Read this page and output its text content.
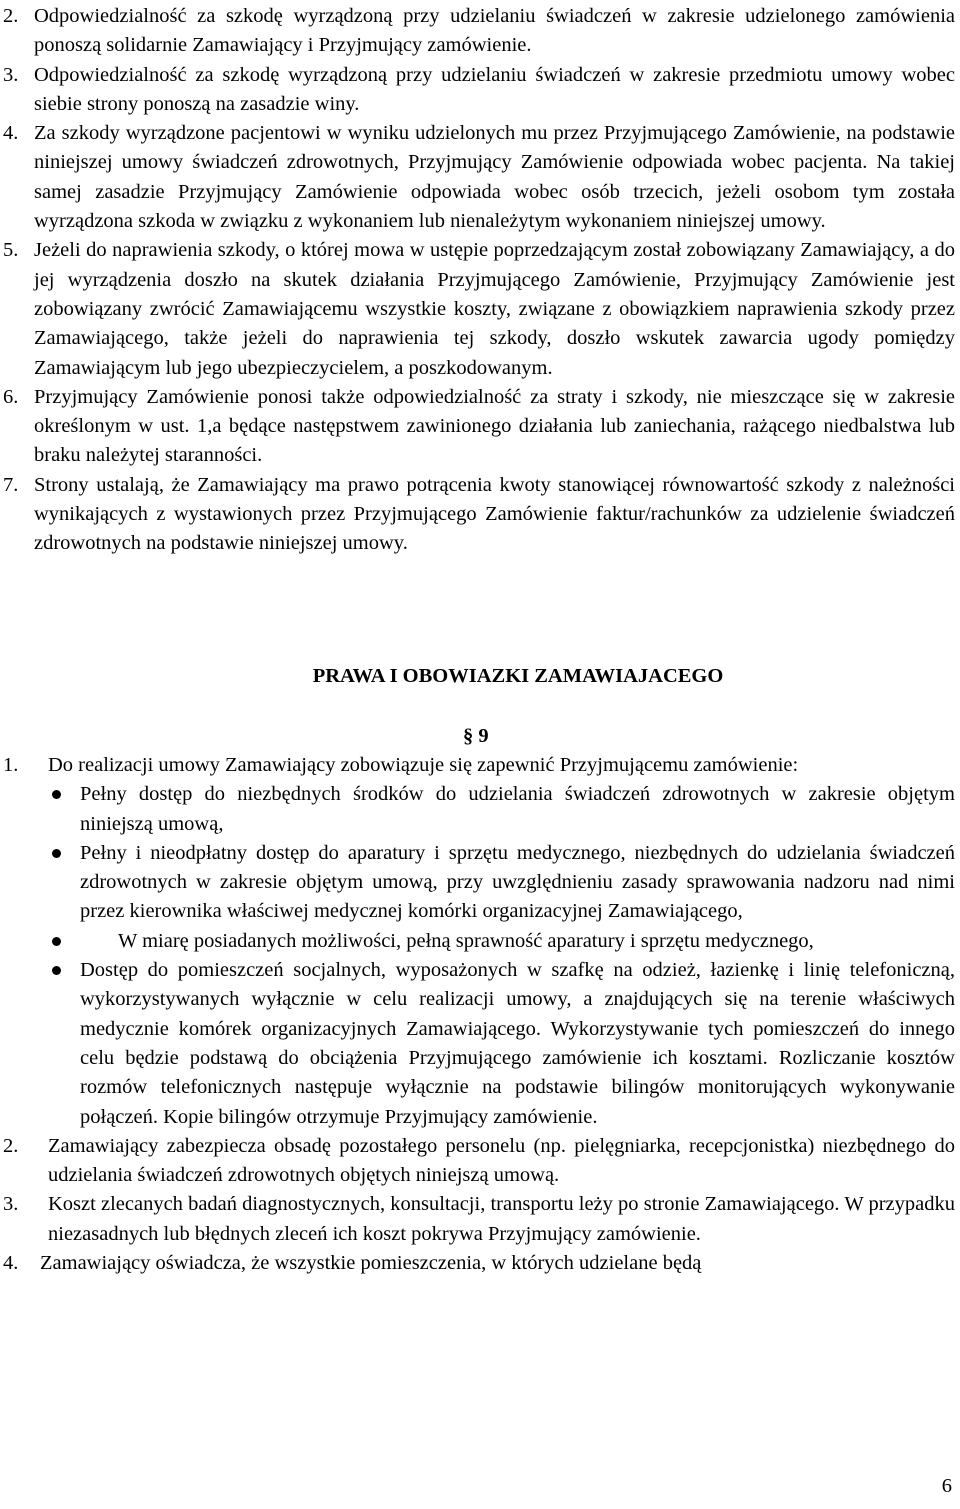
2. Odpowiedzialność za szkodę wyrządzoną przy udzielaniu świadczeń w zakresie udzielonego zamówienia ponoszą solidarnie Zamawiający i Przyjmujący zamówienie.
3. Odpowiedzialność za szkodę wyrządzoną przy udzielaniu świadczeń w zakresie przedmiotu umowy wobec siebie strony ponoszą na zasadzie winy.
4. Za szkody wyrządzone pacjentowi w wyniku udzielonych mu przez Przyjmującego Zamówienie, na podstawie niniejszej umowy świadczeń zdrowotnych, Przyjmujący Zamówienie odpowiada wobec pacjenta. Na takiej samej zasadzie Przyjmujący Zamówienie odpowiada wobec osób trzecich, jeżeli osobom tym została wyrządzona szkoda w związku z wykonaniem lub nienależytym wykonaniem niniejszej umowy.
5. Jeżeli do naprawienia szkody, o której mowa w ustępie poprzedzającym został zobowiązany Zamawiający, a do jej wyrządzenia doszło na skutek działania Przyjmującego Zamówienie, Przyjmujący Zamówienie jest zobowiązany zwrócić Zamawiającemu wszystkie koszty, związane z obowiązkiem naprawienia szkody przez Zamawiającego, także jeżeli do naprawienia tej szkody, doszło wskutek zawarcia ugody pomiędzy Zamawiającym lub jego ubezpieczycielem, a poszkodowanym.
6. Przyjmujący Zamówienie ponosi także odpowiedzialność za straty i szkody, nie mieszczące się w zakresie określonym w ust. 1,a będące następstwem zawinionego działania lub zaniechania, rażącego niedbalstwa lub braku należytej staranności.
7. Strony ustalają, że Zamawiający ma prawo potrącenia kwoty stanowiącej równowartość szkody z należności wynikających z wystawionych przez Przyjmującego Zamówienie faktur/rachunków za udzielenie świadczeń zdrowotnych na podstawie niniejszej umowy.
PRAWA I OBOWIAZKI ZAMAWIAJACEGO
§ 9
1. Do realizacji umowy Zamawiający zobowiązuje się zapewnić Przyjmującemu zamówienie:
Pełny dostęp do niezbędnych środków do udzielania świadczeń zdrowotnych w zakresie objętym niniejszą umową,
Pełny i nieodpłatny dostęp do aparatury i sprzętu medycznego, niezbędnych do udzielania świadczeń zdrowotnych w zakresie objętym umową, przy uwzględnieniu zasady sprawowania nadzoru nad nimi przez kierownika właściwej medycznej komórki organizacyjnej Zamawiającego,
W miarę posiadanych możliwości, pełną sprawność aparatury i sprzętu medycznego,
Dostęp do pomieszczeń socjalnych, wyposażonych w szafkę na odzież, łazienkę i linię telefoniczną, wykorzystywanych wyłącznie w celu realizacji umowy, a znajdujących się na terenie właściwych medycznie komórek organizacyjnych Zamawiającego. Wykorzystywanie tych pomieszczeń do innego celu będzie podstawą do obciążenia Przyjmującego zamówienie ich kosztami. Rozliczanie kosztów rozmów telefonicznych następuje wyłącznie na podstawie bilingów monitorujących wykonywanie połączeń. Kopie bilingów otrzymuje Przyjmujący zamówienie.
2. Zamawiający zabezpiecza obsadę pozostałego personelu (np. pielęgniarka, recepcjonistka) niezbędnego do udzielania świadczeń zdrowotnych objętych niniejszą umową.
3. Koszt zlecanych badań diagnostycznych, konsultacji, transportu leży po stronie Zamawiającego. W przypadku niezasadnych lub błędnych zleceń ich koszt pokrywa Przyjmujący zamówienie.
4. Zamawiający oświadcza, że wszystkie pomieszczenia, w których udzielane będą
6
